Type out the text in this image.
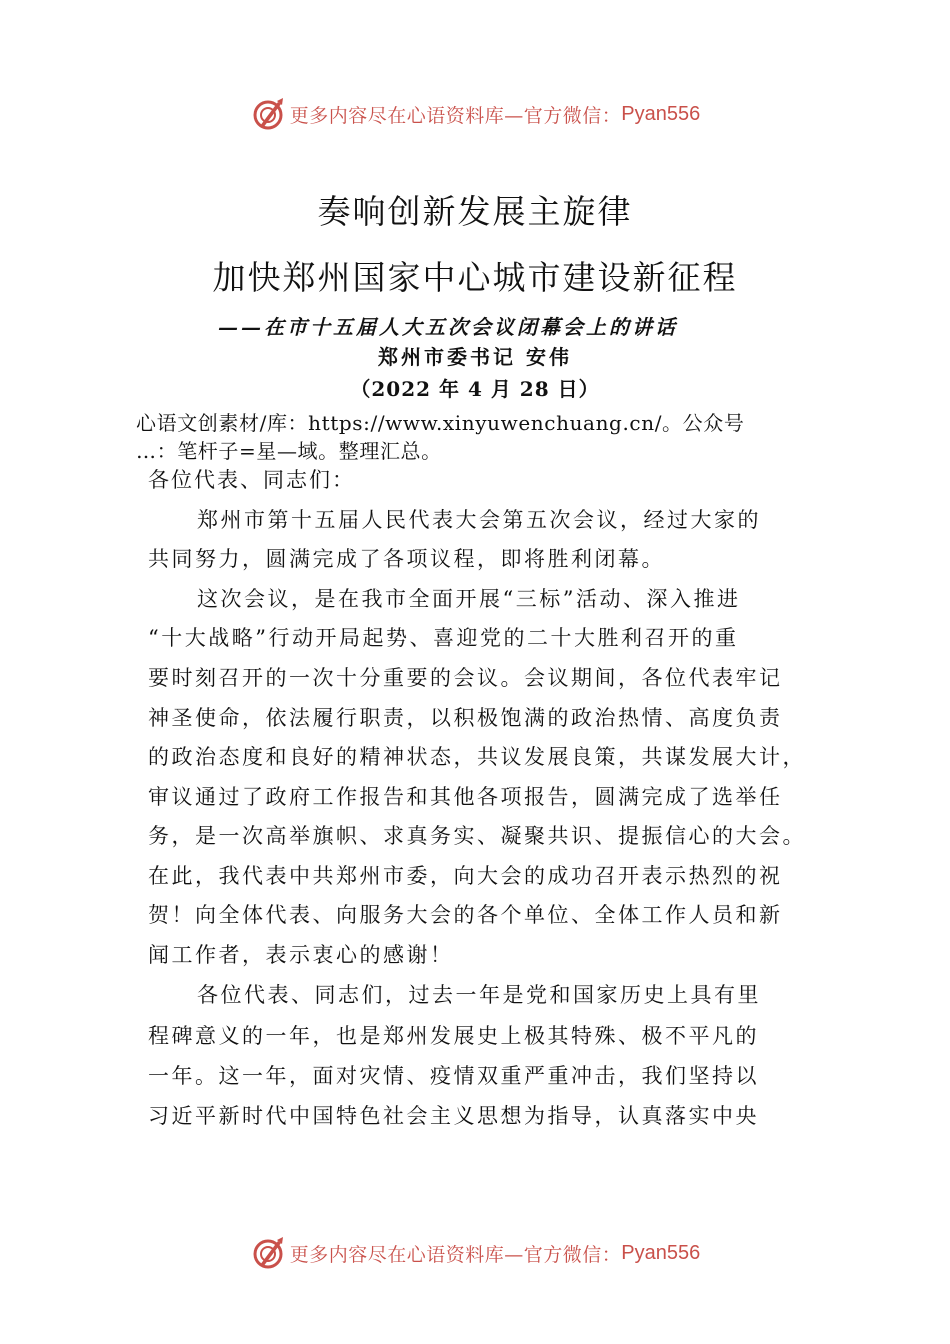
更多内容尽在心语资料库—官方微信： Pyan556
奏响创新发展主旋律
加快郑州国家中心城市建设新征程
——在市十五届人大五次会议闭幕会上的讲话
郑州市委书记 安伟
（2022 年 4 月 28 日）
心语文创素材/库：https://www.xinyuwenchuang.cn/。公众号
…：笔杆子=星—域。整理汇总。
各位代表、同志们：
郑州市第十五届人民代表大会第五次会议，经过大家的
共同努力，圆满完成了各项议程，即将胜利闭幕。
这次会议，是在我市全面开展“三标”活动、深入推进
“十大战略”行动开局起势、喜迎党的二十大胜利召开的重
要时刻召开的一次十分重要的会议。会议期间，各位代表牢记
神圣使命，依法履行职责，以积极饱满的政治热情、高度负责
的政治态度和良好的精神状态，共议发展良策，共谋发展大计，
审议通过了政府工作报告和其他各项报告，圆满完成了选举任
务，是一次高举旗帜、求真务实、凝聚共识、提振信心的大会。
在此，我代表中共郑州市委，向大会的成功召开表示热烈的祝
贺！向全体代表、向服务大会的各个单位、全体工作人员和新
闻工作者，表示衷心的感谢！
各位代表、同志们，过去一年是党和国家历史上具有里
程碑意义的一年，也是郑州发展史上极其特殊、极不平凡的
一年。这一年，面对灾情、疫情双重严重冲击，我们坚持以
习近平新时代中国特色社会主义思想为指导，认真落实中央
更多内容尽在心语资料库—官方微信： Pyan556
